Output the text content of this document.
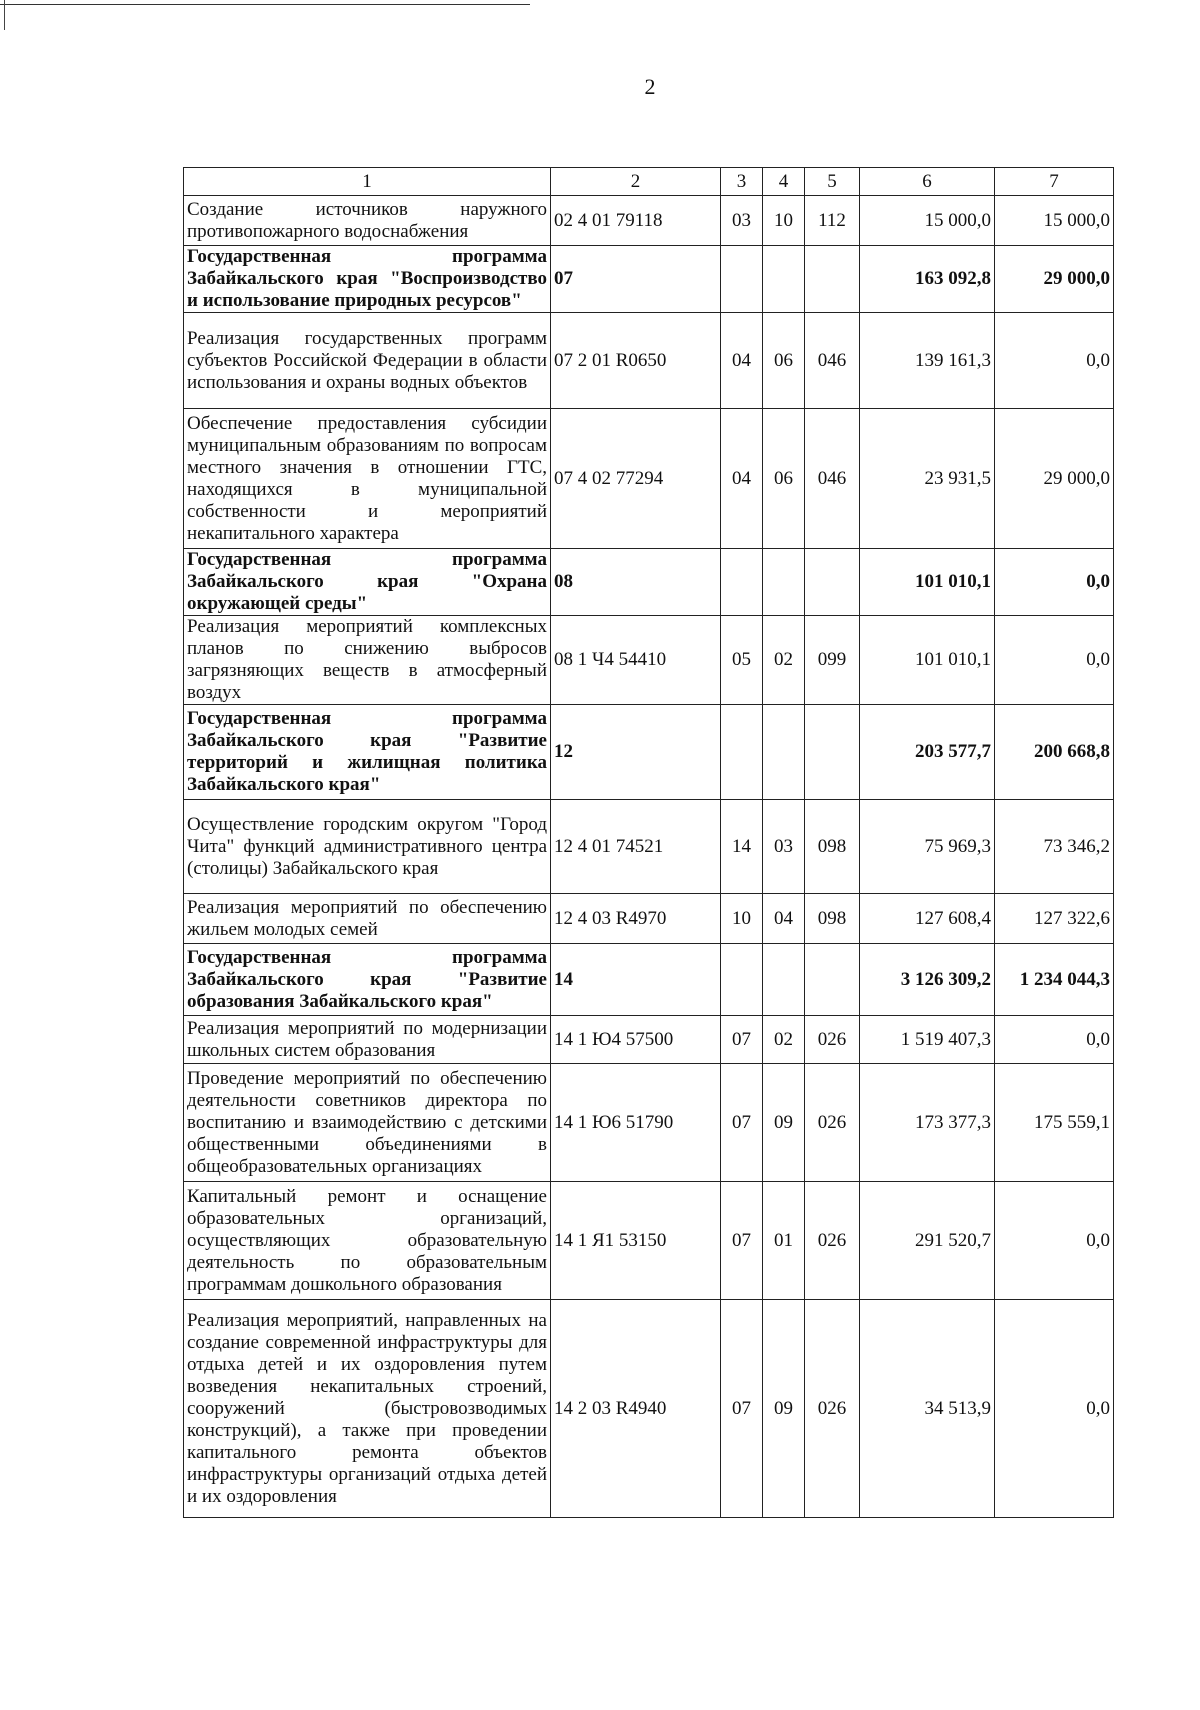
2
1	2	3	4	5	6	7
Создание источников наружного противопожарного водоснабжения	02 4 01 79118	03	10	112	15 000,0	15 000,0
Государственная программа Забайкальского края "Воспроизводство и использование природных ресурсов"	07				163 092,8	29 000,0
Реализация государственных программ субъектов Российской Федерации в области использования и охраны водных объектов	07 2 01 R0650	04	06	046	139 161,3	0,0
Обеспечение предоставления субсидии муниципальным образованиям по вопросам местного значения в отношении ГТС, находящихся в муниципальной собственности и мероприятий некапитального характера	07 4 02 77294	04	06	046	23 931,5	29 000,0
Государственная программа Забайкальского края "Охрана окружающей среды"	08				101 010,1	0,0
Реализация мероприятий комплексных планов по снижению выбросов загрязняющих веществ в атмосферный воздух	08 1 Ч4 54410	05	02	099	101 010,1	0,0
Государственная программа Забайкальского края "Развитие территорий и жилищная политика Забайкальского края"	12				203 577,7	200 668,8
Осуществление городским округом "Город Чита" функций административного центра (столицы) Забайкальского края	12 4 01 74521	14	03	098	75 969,3	73 346,2
Реализация мероприятий по обеспечению жильем молодых семей	12 4 03 R4970	10	04	098	127 608,4	127 322,6
Государственная программа Забайкальского края "Развитие образования Забайкальского края"	14				3 126 309,2	1 234 044,3
Реализация мероприятий по модернизации школьных систем образования	14 1 Ю4 57500	07	02	026	1 519 407,3	0,0
Проведение мероприятий по обеспечению деятельности советников директора по воспитанию и взаимодействию с детскими общественными объединениями в общеобразовательных организациях	14 1 Ю6 51790	07	09	026	173 377,3	175 559,1
Капитальный ремонт и оснащение образовательных организаций, осуществляющих образовательную деятельность по образовательным программам дошкольного образования	14 1 Я1 53150	07	01	026	291 520,7	0,0
Реализация мероприятий, направленных на создание современной инфраструктуры для отдыха детей и их оздоровления путем возведения некапитальных строений, сооружений (быстровозводимых конструкций), а также при проведении капитального ремонта объектов инфраструктуры организаций отдыха детей и их оздоровления	14 2 03 R4940	07	09	026	34 513,9	0,0
